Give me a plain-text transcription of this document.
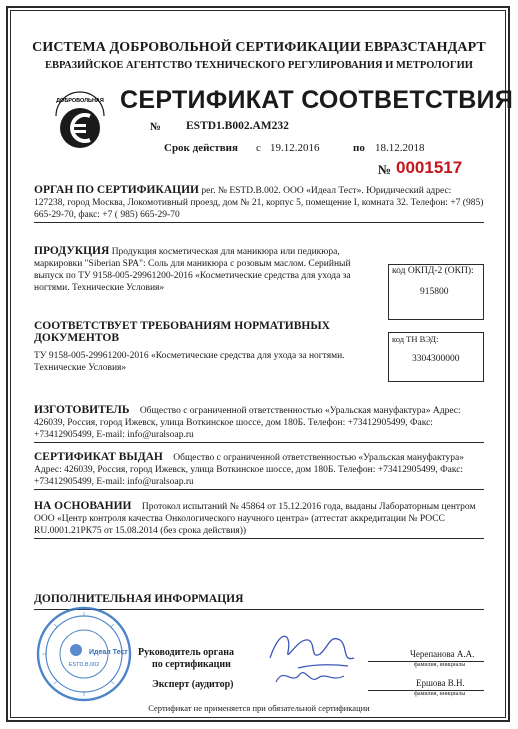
СИСТЕМА ДОБРОВОЛЬНОЙ СЕРТИФИКАЦИИ ЕВРАЗСТАНДАРТ
ЕВРАЗИЙСКОЕ АГЕНТСТВО ТЕХНИЧЕСКОГО РЕГУЛИРОВАНИЯ И МЕТРОЛОГИИ
ДОБРОВОЛЬНАЯ СЕРТИФИКАТ СООТВЕТСТВИЯ
№ ESTD1.B002.AM232
Срок действия с 19.12.2016	по 18.12.2018
№ 0001517
ОРГАН ПО СЕРТИФИКАЦИИ рег. № ESTD.B.002. ООО «Идеал Тест». Юридический адрес: 127238, город Москва, Локомотивный проезд, дом № 21, корпус 5, помещение I, комната 32. Телефон: +7 (985) 665-29-70, факс: +7 ( 985) 665-29-70
ПРОДУКЦИЯ Продукция косметическая для маникюра или педикюра, маркировки "Siberian SPA": Соль для маникюра с розовым маслом. Серийный выпуск по ТУ 9158-005-29961200-2016 «Косметические средства для ухода за ногтями. Технические Условия»
код ОКПД-2 (ОКП):
915800
СООТВЕТСТВУЕТ ТРЕБОВАНИЯМ НОРМАТИВНЫХ ДОКУМЕНТОВ
ТУ 9158-005-29961200-2016 «Косметические средства для ухода за ногтями. Технические Условия»
код ТН ВЭД:
3304300000
ИЗГОТОВИТЕЛЬ Общество с ограниченной ответственностью «Уральская мануфактура» Адрес: 426039, Россия, город Ижевск, улица Воткинское шоссе, дом 180Б. Телефон: +73412905499, Факс: +73412905499, E-mail: info@uralsoap.ru
СЕРТИФИКАТ ВЫДАН Общество с ограниченной ответственностью «Уральская мануфактура» Адрес: 426039, Россия, город Ижевск, улица Воткинское шоссе, дом 180Б. Телефон: +73412905499, Факс: +73412905499, E-mail: info@uralsoap.ru
НА ОСНОВАНИИ Протокол испытаний № 45864 от 15.12.2016 года, выданы Лабораторным центром ООО «Центр контроля качества Онкологического научного центра» (аттестат аккредитации № РОСС RU.0001.21РК75 от 15.08.2014 (без срока действия))
ДОПОЛНИТЕЛЬНАЯ ИНФОРМАЦИЯ
Идеал Тест
ESTD.B.002
Руководитель органа
по сертификации
Черепанова А.А.
фамилия, инициалы
Эксперт (аудитор)	Ершова В.Н.
фамилия, инициалы
Сертификат не применяется при обязательной сертификации
